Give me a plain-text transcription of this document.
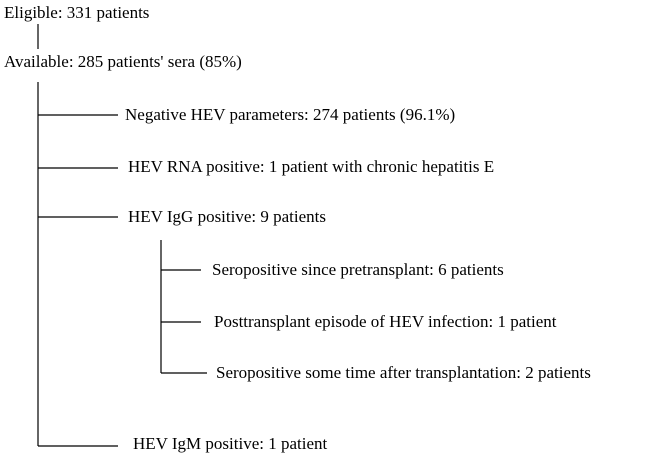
Eligible: 331 patients
Available: 285 patients' sera (85%)
Negative HEV parameters: 274 patients (96.1%)
HEV RNA positive: 1 patient with chronic hepatitis E
HEV IgG positive: 9 patients
Seropositive since pretransplant: 6 patients
Posttransplant episode of HEV infection: 1 patient
Seropositive some time after transplantation: 2 patients
HEV IgM positive: 1 patient
